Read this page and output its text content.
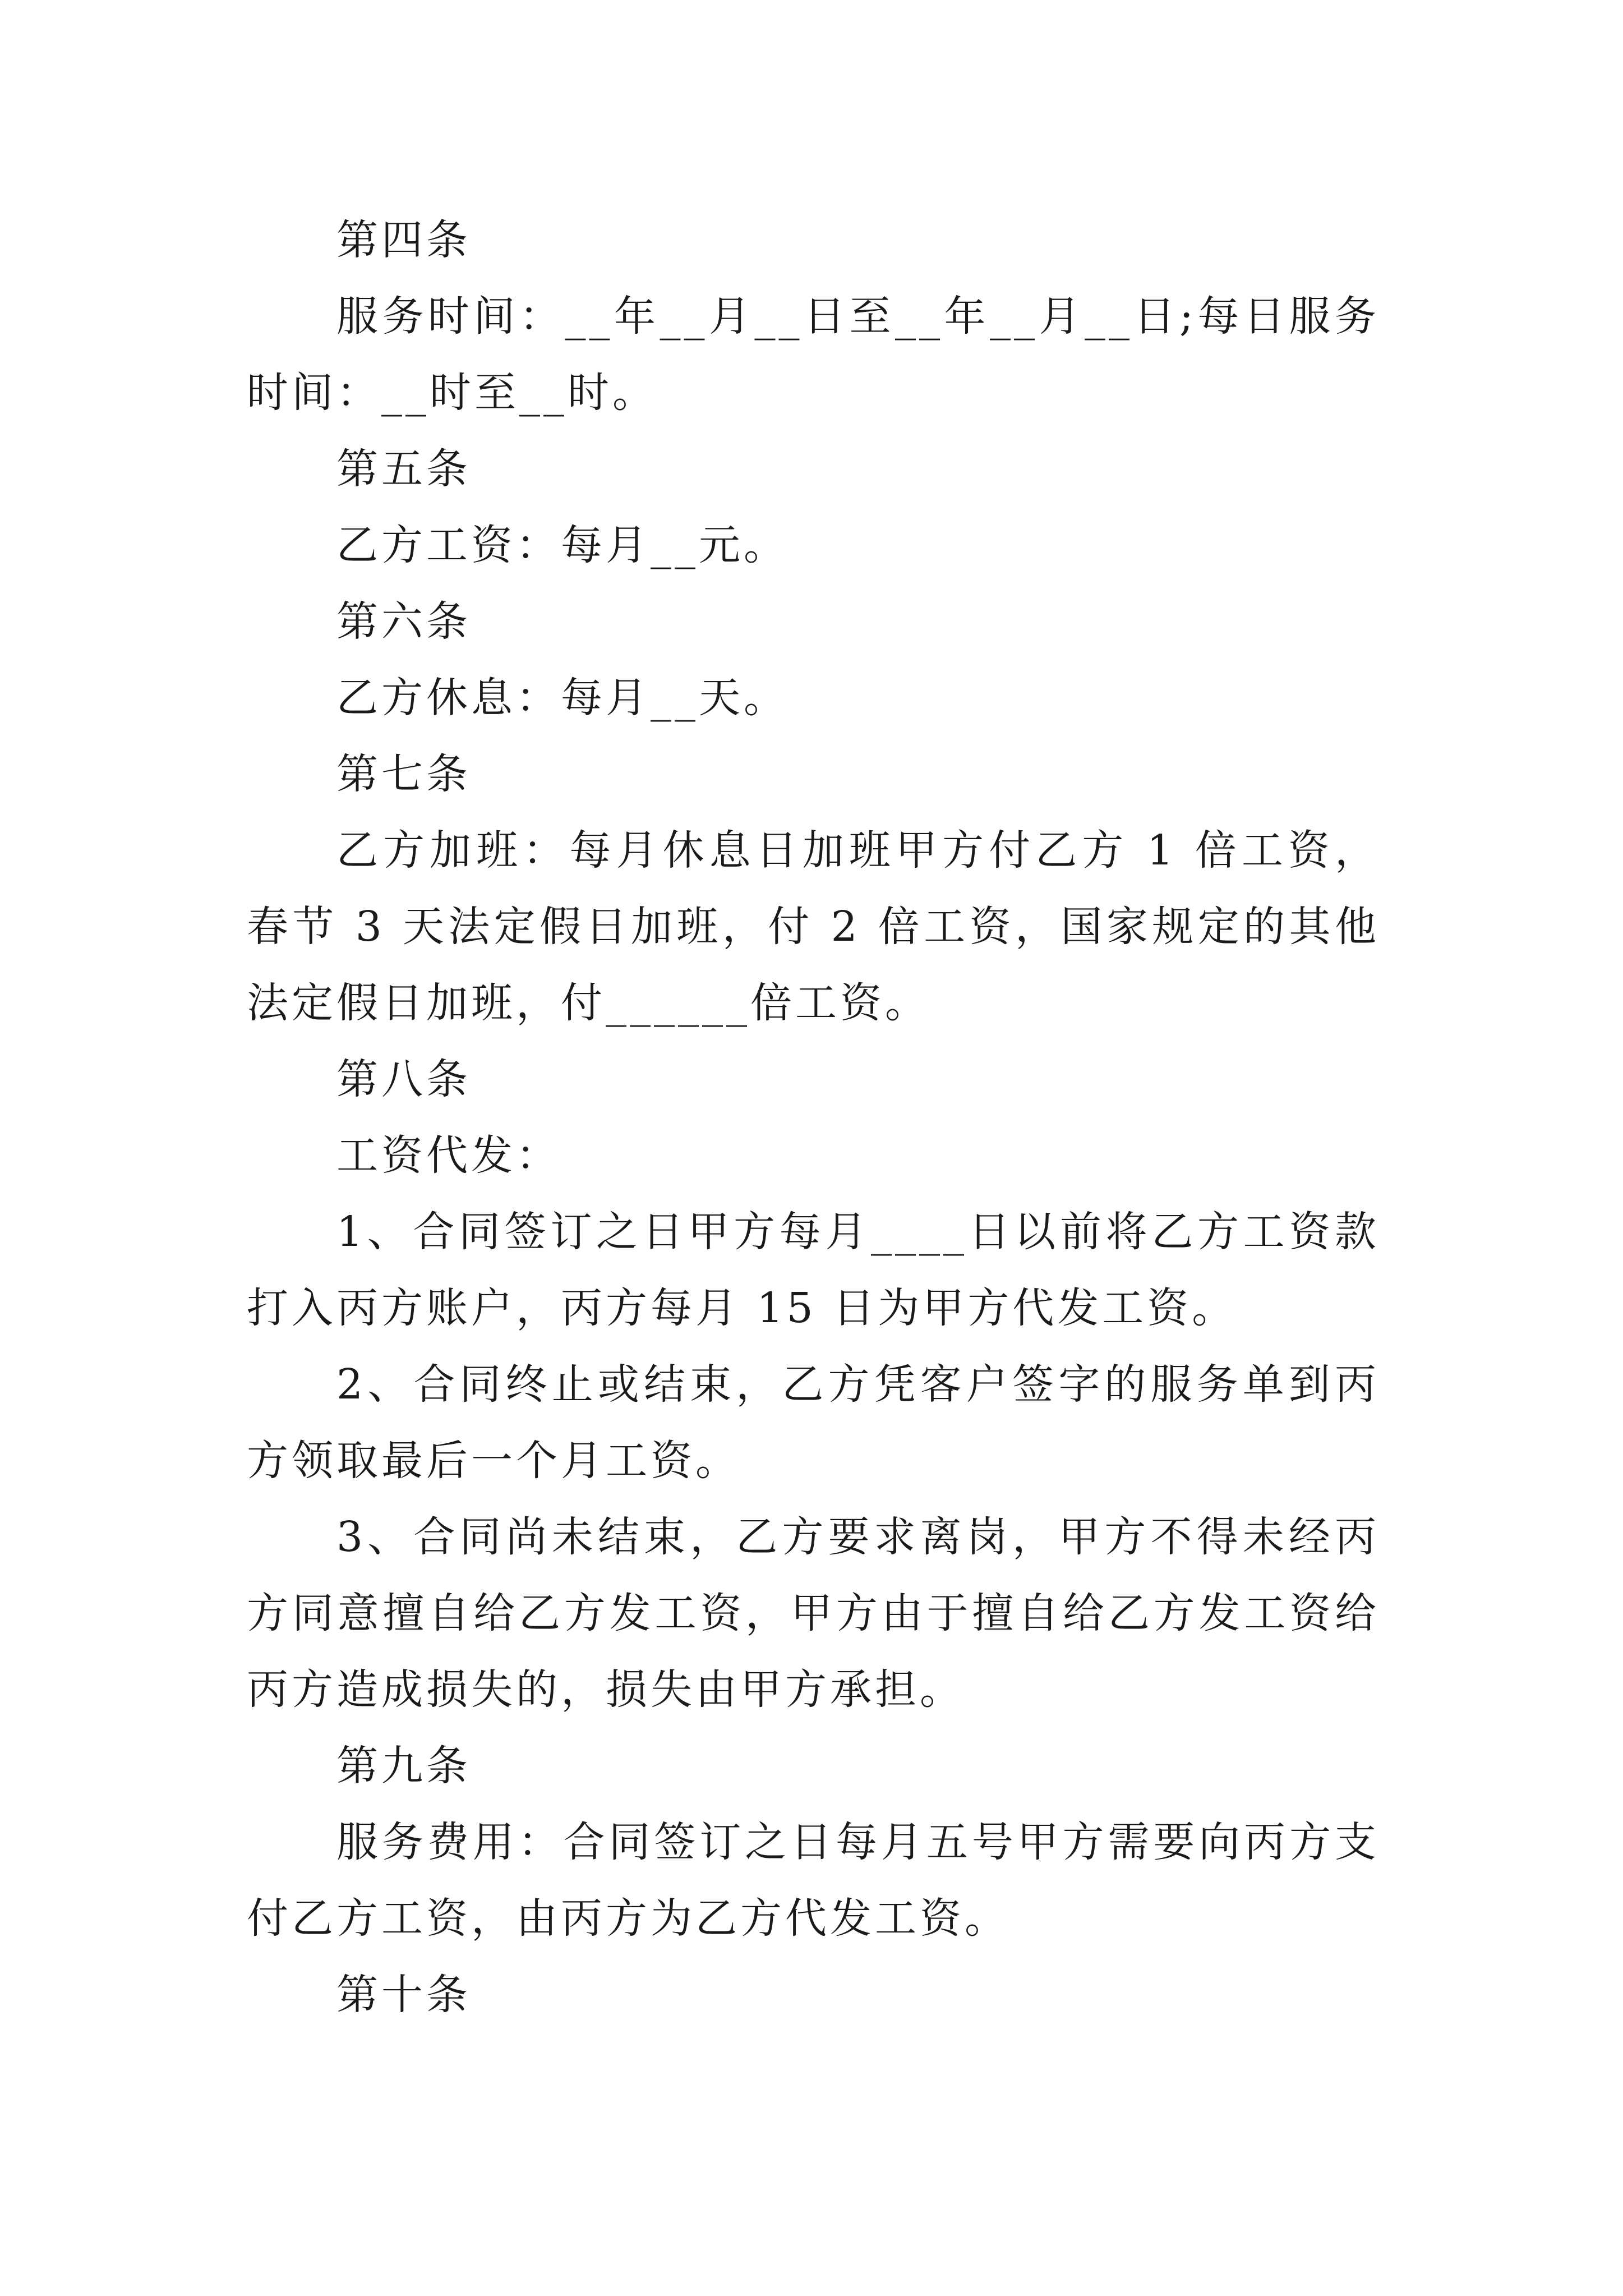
第四条

服务时间：__年__月__日至__年__月__日;每日服务时间：__时至__时。

第五条

乙方工资：每月__元。

第六条

乙方休息：每月__天。

第七条

乙方加班：每月休息日加班甲方付乙方 1 倍工资，春节 3 天法定假日加班，付 2 倍工资，国家规定的其他法定假日加班，付______倍工资。

第八条

工资代发：

1、合同签订之日甲方每月____日以前将乙方工资款打入丙方账户，丙方每月 15 日为甲方代发工资。

2、合同终止或结束，乙方凭客户签字的服务单到丙方领取最后一个月工资。

3、合同尚未结束，乙方要求离岗，甲方不得未经丙方同意擅自给乙方发工资，甲方由于擅自给乙方发工资给丙方造成损失的，损失由甲方承担。

第九条

服务费用：合同签订之日每月五号甲方需要向丙方支付乙方工资，由丙方为乙方代发工资。

第十条
